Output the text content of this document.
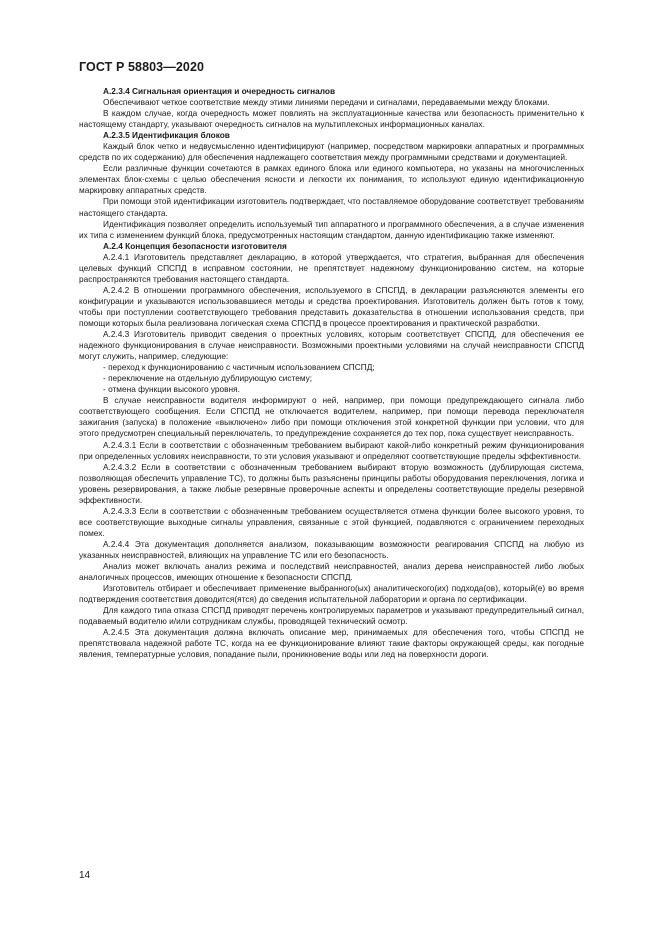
ГОСТ Р 58803—2020

А.2.3.4 Сигнальная ориентация и очередность сигналов

Обеспечивают четкое соответствие между этими линиями передачи и сигналами, передаваемыми между блоками.

В каждом случае, когда очередность может повлиять на эксплуатационные качества или безопасность применительно к настоящему стандарту, указывают очередность сигналов на мультиплексных информационных каналах.

А.2.3.5 Идентификация блоков

Каждый блок четко и недвусмысленно идентифицируют (например, посредством маркировки аппаратных и программных средств по их содержанию) для обеспечения надлежащего соответствия между программными средствами и документацией.

Если различные функции сочетаются в рамках единого блока или единого компьютера, но указаны на многочисленных элементах блок-схемы с целью обеспечения ясности и легкости их понимания, то используют единую идентификационную маркировку аппаратных средств.

При помощи этой идентификации изготовитель подтверждает, что поставляемое оборудование соответствует требованиям настоящего стандарта.

Идентификация позволяет определить используемый тип аппаратного и программного обеспечения, а в случае изменения их типа с изменением функций блока, предусмотренных настоящим стандартом, данную идентификацию также изменяют.

А.2.4 Концепция безопасности изготовителя

А.2.4.1 Изготовитель представляет декларацию, в которой утверждается, что стратегия, выбранная для обеспечения целевых функций СПСПД в исправном состоянии, не препятствует надежному функционированию систем, на которые распространяются требования настоящего стандарта.

А.2.4.2 В отношении программного обеспечения, используемого в СПСПД, в декларации разъясняются элементы его конфигурации и указываются использовавшиеся методы и средства проектирования. Изготовитель должен быть готов к тому, чтобы при поступлении соответствующего требования представить доказательства в отношении использования средств, при помощи которых была реализована логическая схема СПСПД в процессе проектирования и практической разработки.

А.2.4.3 Изготовитель приводит сведения о проектных условиях, которым соответствует СПСПД, для обеспечения ее надежного функционирования в случае неисправности. Возможными проектными условиями на случай неисправности СПСПД могут служить, например, следующие:

- переход к функционированию с частичным использованием СПСПД;

- переключение на отдельную дублирующую систему;

- отмена функции высокого уровня.

В случае неисправности водителя информируют о ней, например, при помощи предупреждающего сигнала либо соответствующего сообщения. Если СПСПД не отключается водителем, например, при помощи перевода переключателя зажигания (запуска) в положение «выключено» либо при помощи отключения этой конкретной функции при условии, что для этого предусмотрен специальный переключатель, то предупреждение сохраняется до тех пор, пока существует неисправность.

А.2.4.3.1 Если в соответствии с обозначенным требованием выбирают какой-либо конкретный режим функционирования при определенных условиях неисправности, то эти условия указывают и определяют соответствующие пределы эффективности.

А.2.4.3.2 Если в соответствии с обозначенным требованием выбирают вторую возможность (дублирующая система, позволяющая обеспечить управление ТС), то должны быть разъяснены принципы работы оборудования переключения, логика и уровень резервирования, а также любые резервные проверочные аспекты и определены соответствующие пределы резервной эффективности.

А.2.4.3.3 Если в соответствии с обозначенным требованием осуществляется отмена функции более высокого уровня, то все соответствующие выходные сигналы управления, связанные с этой функцией, подавляются с ограничением переходных помех.

А.2.4.4 Эта документация дополняется анализом, показывающим возможности реагирования СПСПД на любую из указанных неисправностей, влияющих на управление ТС или его безопасность.

Анализ может включать анализ режима и последствий неисправностей, анализ дерева неисправностей либо любых аналогичных процессов, имеющих отношение к безопасности СПСПД.

Изготовитель отбирает и обеспечивает применение выбранного(ых) аналитического(их) подхода(ов), который(е) во время подтверждения соответствия доводится(ятся) до сведения испытательной лаборатории и органа по сертификации.

Для каждого типа отказа СПСПД приводят перечень контролируемых параметров и указывают предупредительный сигнал, подаваемый водителю и/или сотрудникам службы, проводящей технический осмотр.

А.2.4.5 Эта документация должна включать описание мер, принимаемых для обеспечения того, чтобы СПСПД не препятствовала надежной работе ТС, когда на ее функционирование влияют такие факторы окружающей среды, как погодные явления, температурные условия, попадание пыли, проникновение воды или лед на поверхности дороги.

14
